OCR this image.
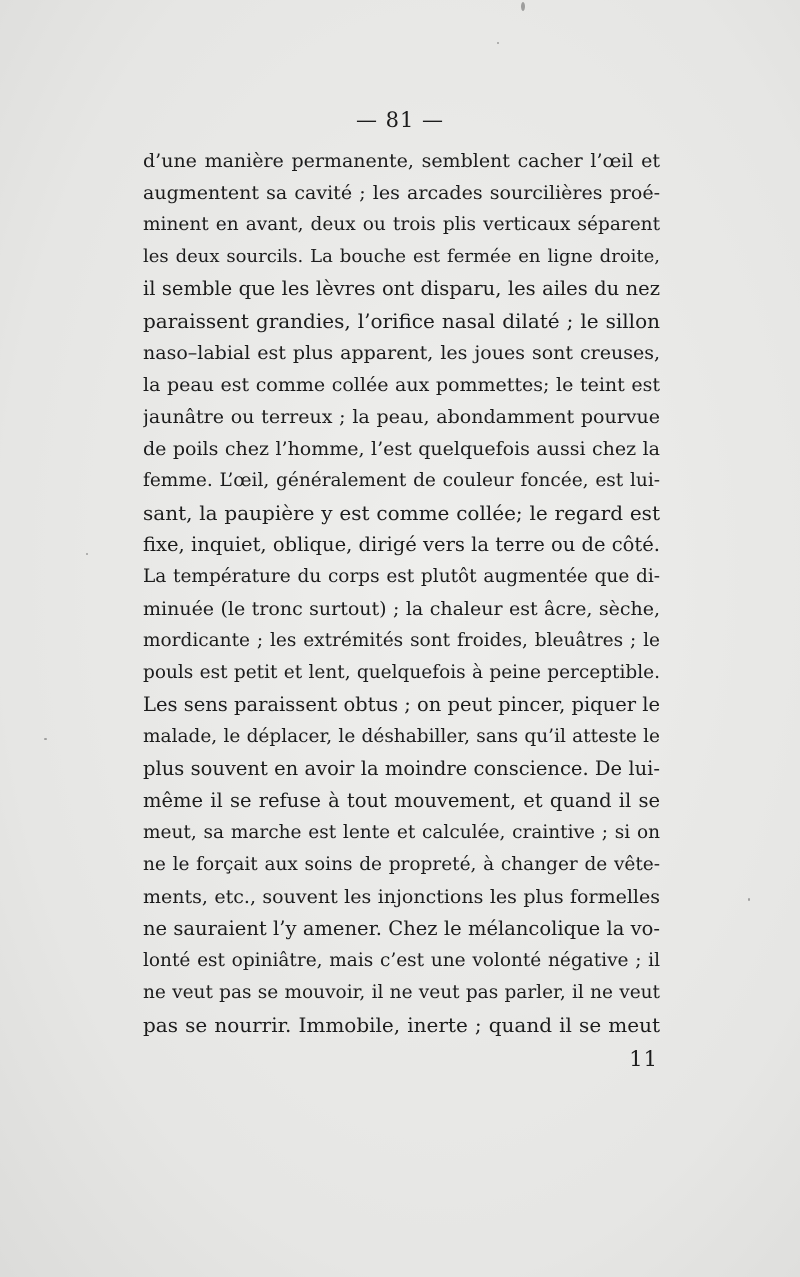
— 81 —
d’une manière permanente, semblent cacher l’œil et
augmentent sa cavité ; les arcades sourcilières proé-
minent en avant, deux ou trois plis verticaux séparent
les deux sourcils. La bouche est fermée en ligne droite,
il semble que les lèvres ont disparu, les ailes du nez
paraissent grandies, l’orifice nasal dilaté ; le sillon
naso–labial est plus apparent, les joues sont creuses,
la peau est comme collée aux pommettes; le teint est
jaunâtre ou terreux ; la peau, abondamment pourvue
de poils chez l’homme, l’est quelquefois aussi chez la
femme. L’œil, généralement de couleur foncée, est lui-
sant, la paupière y est comme collée; le regard est
fixe, inquiet, oblique, dirigé vers la terre ou de côté.
La température du corps est plutôt augmentée que di-
minuée (le tronc surtout) ; la chaleur est âcre, sèche,
mordicante ; les extrémités sont froides, bleuâtres ; le
pouls est petit et lent, quelquefois à peine perceptible.
Les sens paraissent obtus ; on peut pincer, piquer le
malade, le déplacer, le déshabiller, sans qu’il atteste le
plus souvent en avoir la moindre conscience. De lui-
même il se refuse à tout mouvement, et quand il se
meut, sa marche est lente et calculée, craintive ; si on
ne le forçait aux soins de propreté, à changer de vête-
ments, etc., souvent les injonctions les plus formelles
ne sauraient l’y amener. Chez le mélancolique la vo-
lonté est opiniâtre, mais c’est une volonté négative ; il
ne veut pas se mouvoir, il ne veut pas parler, il ne veut
pas se nourrir. Immobile, inerte ; quand il se meut
11
